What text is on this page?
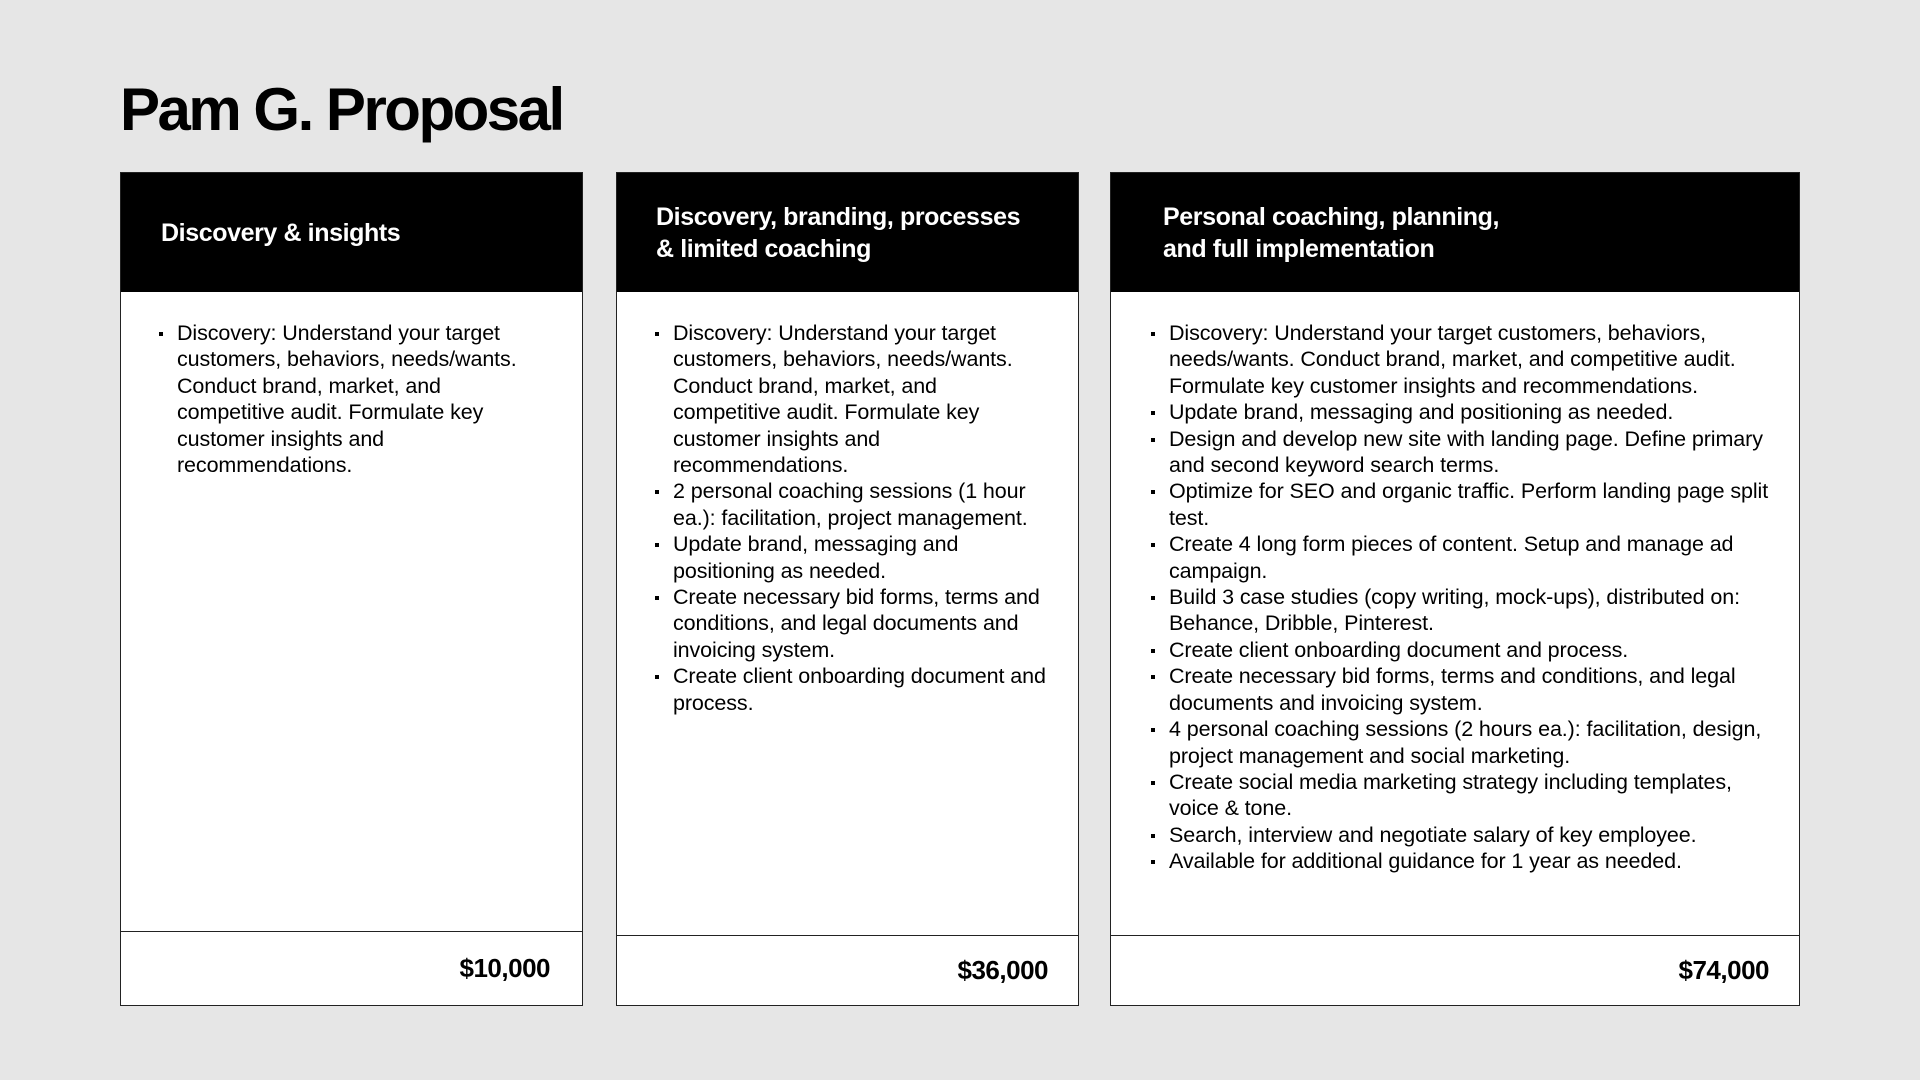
Pam G. Proposal
Discovery & insights
Discovery: Understand your target customers, behaviors, needs/wants. Conduct brand, market, and competitive audit. Formulate key customer insights and recommendations.
$10,000
Discovery, branding, processes
& limited coaching
Discovery: Understand your target customers, behaviors, needs/wants. Conduct brand, market, and competitive audit. Formulate key customer insights and recommendations.
2 personal coaching sessions (1 hour ea.): facilitation, project management.
Update brand, messaging and positioning as needed.
Create necessary bid forms, terms and conditions, and legal documents and invoicing system.
Create client onboarding document and process.
$36,000
Personal coaching, planning,
and full implementation
Discovery: Understand your target customers, behaviors, needs/wants. Conduct brand, market, and competitive audit. Formulate key customer insights and recommendations.
Update brand, messaging and positioning as needed.
Design and develop new site with landing page. Define primary and second keyword search terms.
Optimize for SEO and organic traffic. Perform landing page split test.
Create 4 long form pieces of content. Setup and manage ad campaign.
Build 3 case studies (copy writing, mock-ups), distributed on: Behance, Dribble, Pinterest.
Create client onboarding document and process.
Create necessary bid forms, terms and conditions, and legal documents and invoicing system.
4 personal coaching sessions (2 hours ea.): facilitation, design, project management and social marketing.
Create social media marketing strategy including templates, voice & tone.
Search, interview and negotiate salary of key employee.
Available for additional guidance for 1 year as needed.
$74,000
